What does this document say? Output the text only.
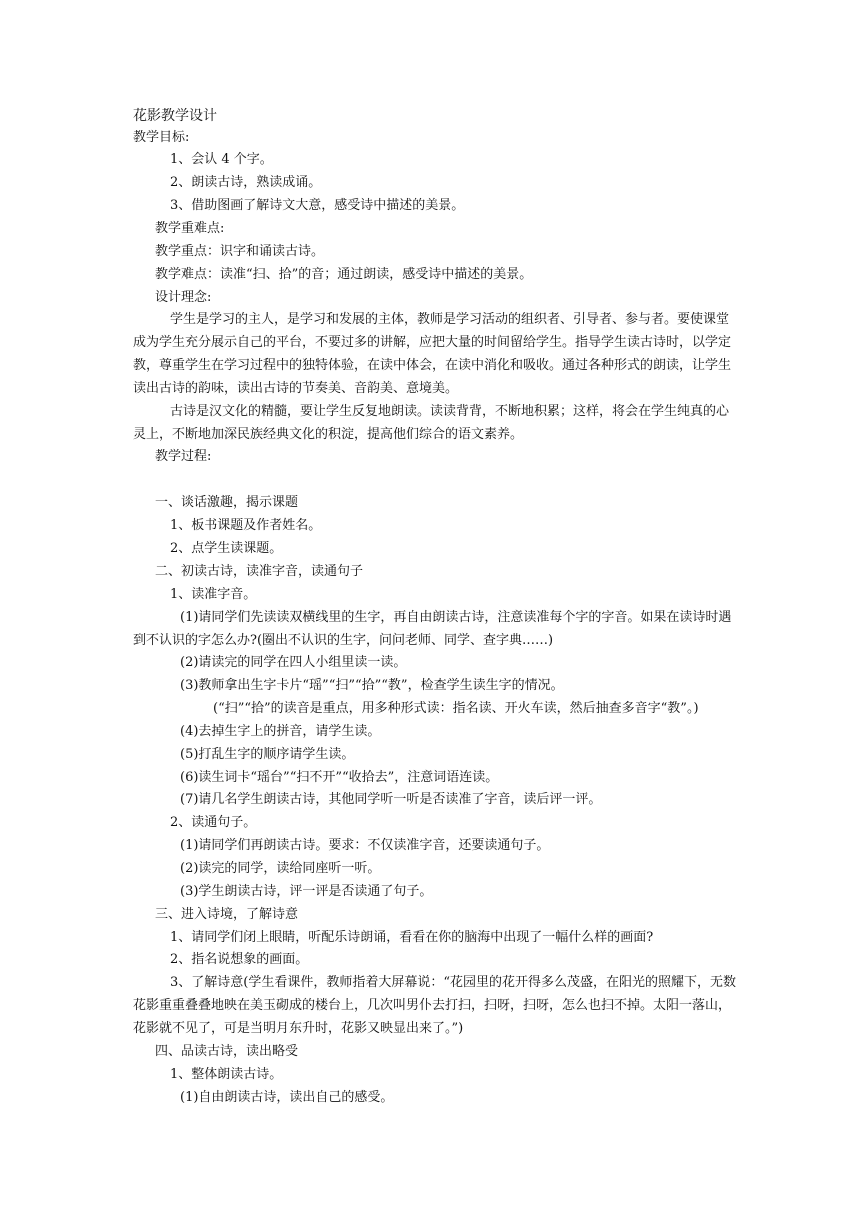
花影教学设计
教学目标:
1、会认 4 个字。
2、朗读古诗，熟读成诵。
3、借助图画了解诗文大意，感受诗中描述的美景。
教学重难点:
教学重点：识字和诵读古诗。
教学难点：读准“扫、拾”的音；通过朗读，感受诗中描述的美景。
设计理念:
学生是学习的主人，是学习和发展的主体，教师是学习活动的组织者、引导者、参与者。要使课堂
成为学生充分展示自己的平台，不要过多的讲解，应把大量的时间留给学生。指导学生读古诗时，以学定
教，尊重学生在学习过程中的独特体验，在读中体会，在读中消化和吸收。通过各种形式的朗读，让学生
读出古诗的韵味，读出古诗的节奏美、音韵美、意境美。
古诗是汉文化的精髓，要让学生反复地朗读。读读背背，不断地积累；这样，将会在学生纯真的心
灵上，不断地加深民族经典文化的积淀，提高他们综合的语文素养。
教学过程:
一、谈话激趣，揭示课题
1、板书课题及作者姓名。
2、点学生读课题。
二、初读古诗，读准字音，读通句子
1、读准字音。
(1)请同学们先读读双横线里的生字，再自由朗读古诗，注意读准每个字的字音。如果在读诗时遇
到不认识的字怎么办?(圈出不认识的生字，问问老师、同学、查字典……)
(2)请读完的同学在四人小组里读一读。
(3)教师拿出生字卡片“瑶”“扫”“拾”“教”，检查学生读生字的情况。
(“扫”“拾”的读音是重点，用多种形式读：指名读、开火车读，然后抽查多音字“教”。)
(4)去掉生字上的拼音，请学生读。
(5)打乱生字的顺序请学生读。
(6)读生词卡“瑶台”“扫不开”“收拾去”，注意词语连读。
(7)请几名学生朗读古诗，其他同学听一听是否读准了字音，读后评一评。
2、读通句子。
(1)请同学们再朗读古诗。要求：不仅读准字音，还要读通句子。
(2)读完的同学，读给同座听一听。
(3)学生朗读古诗，评一评是否读通了句子。
三、进入诗境，了解诗意
1、请同学们闭上眼睛，听配乐诗朗诵，看看在你的脑海中出现了一幅什么样的画面?
2、指名说想象的画面。
3、了解诗意(学生看课件，教师指着大屏幕说：“花园里的花开得多么茂盛，在阳光的照耀下，无数
花影重重叠叠地映在美玉砌成的楼台上，几次叫男仆去打扫，扫呀，扫呀，怎么也扫不掉。太阳一落山，
花影就不见了，可是当明月东升时，花影又映显出来了。”)
四、品读古诗，读出略受
1、整体朗读古诗。
(1)自由朗读古诗，读出自己的感受。
